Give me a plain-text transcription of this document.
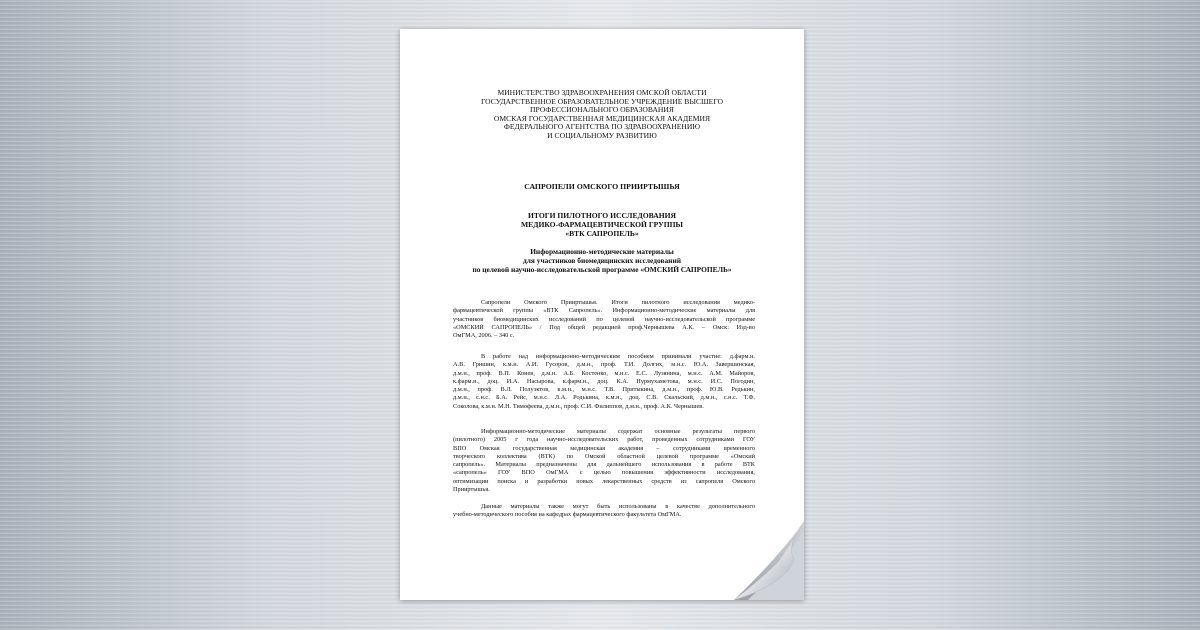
МИНИСТЕРСТВО ЗДРАВООХРАНЕНИЯ ОМСКОЙ ОБЛАСТИ
ГОСУДАРСТВЕННОЕ ОБРАЗОВАТЕЛЬНОЕ УЧРЕЖДЕНИЕ ВЫСШЕГО
ПРОФЕССИОНАЛЬНОГО ОБРАЗОВАНИЯ
ОМСКАЯ ГОСУДАРСТВЕННАЯ МЕДИЦИНСКАЯ АКАДЕМИЯ
ФЕДЕРАЛЬНОГО АГЕНТСТВА ПО ЗДРАВООХРАНЕНИЮ
И СОЦИАЛЬНОМУ РАЗВИТИЮ
САПРОПЕЛИ ОМСКОГО ПРИИРТЫШЬЯ
ИТОГИ ПИЛОТНОГО ИССЛЕДОВАНИЯ
МЕДИКО-ФАРМАЦЕВТИЧЕСКОЙ ГРУППЫ
«ВТК САПРОПЕЛЬ»
Информационно-методические материалы
для участников биомедицинских исследований
по целевой научно-исследовательской программе «ОМСКИЙ САПРОПЕЛЬ»
Сапропели Омского Прииртышья. Итоги пилотного исследования медико-
фармацевтической группы «ВТК Сапропель». Информационно-методические материалы для
участников биомедицинских исследований по целевой научно-исследовательской программе
«ОМСКИЙ САПРОПЕЛЬ» / Под общей редакцией проф.Чернышева А.К. – Омск: Изд-во
ОмГМА, 2006. – 340 с.
В работе над информационно-методическим пособием принимали участие: д.фарм.н.
А.В. Гришин, к.м.н. А.И. Гусоров, д.м.н., проф. Т.И. Долгих, м.н.с. Ю.А. Завершинская,
д.м.н., проф. В.П. Конев, д.м.н. А.Б. Костенко, м.н.с. Е.С. Лузянина, м.н.с. А.М. Майоров,
к.фарм.н., доц. И.А. Насырова, к.фарм.н., доц. К.А. Нурмухаметова, м.н.с. И.С. Погодин,
д.м.н., проф. В.Л. Полуэктов, к.м.н., м.н.с. Т.В. Притыкина, д.м.н., проф. Ю.В. Редькин,
д.м.н., с.н.с. Б.А. Рейс, м.н.с. Л.А. Родькина, к.м.н., доц. С.В. Скальский, д.м.н., с.н.с. Т.Ф.
Соколова, к.м.н. М.Н. Тимофеева, д.м.н., проф. С.И. Филиппов, д.м.н., проф. А.К. Чернышев.
Информационно-методические материалы содержат основные результаты первого
(пилотного) 2005 г года научно-исследовательских работ, проведенных сотрудниками ГОУ
ВПО Омская государственная медицинская академия – сотрудниками временного
творческого коллектива (ВТК) по Омской областной целевой программе «Омский
сапропель». Материалы предназначены для дальнейшего использования в работе ВТК
«сапропель» ГОУ ВПО ОмГМА с целью повышения эффективности исследования,
оптимизации поиска и разработки новых лекарственных средств из сапропеля Омского
Прииртышья.
Данные материалы также могут быть использованы в качестве дополнительного
учебно-методического пособия на кафедрах фармацевтического факультета ОмГМА.
